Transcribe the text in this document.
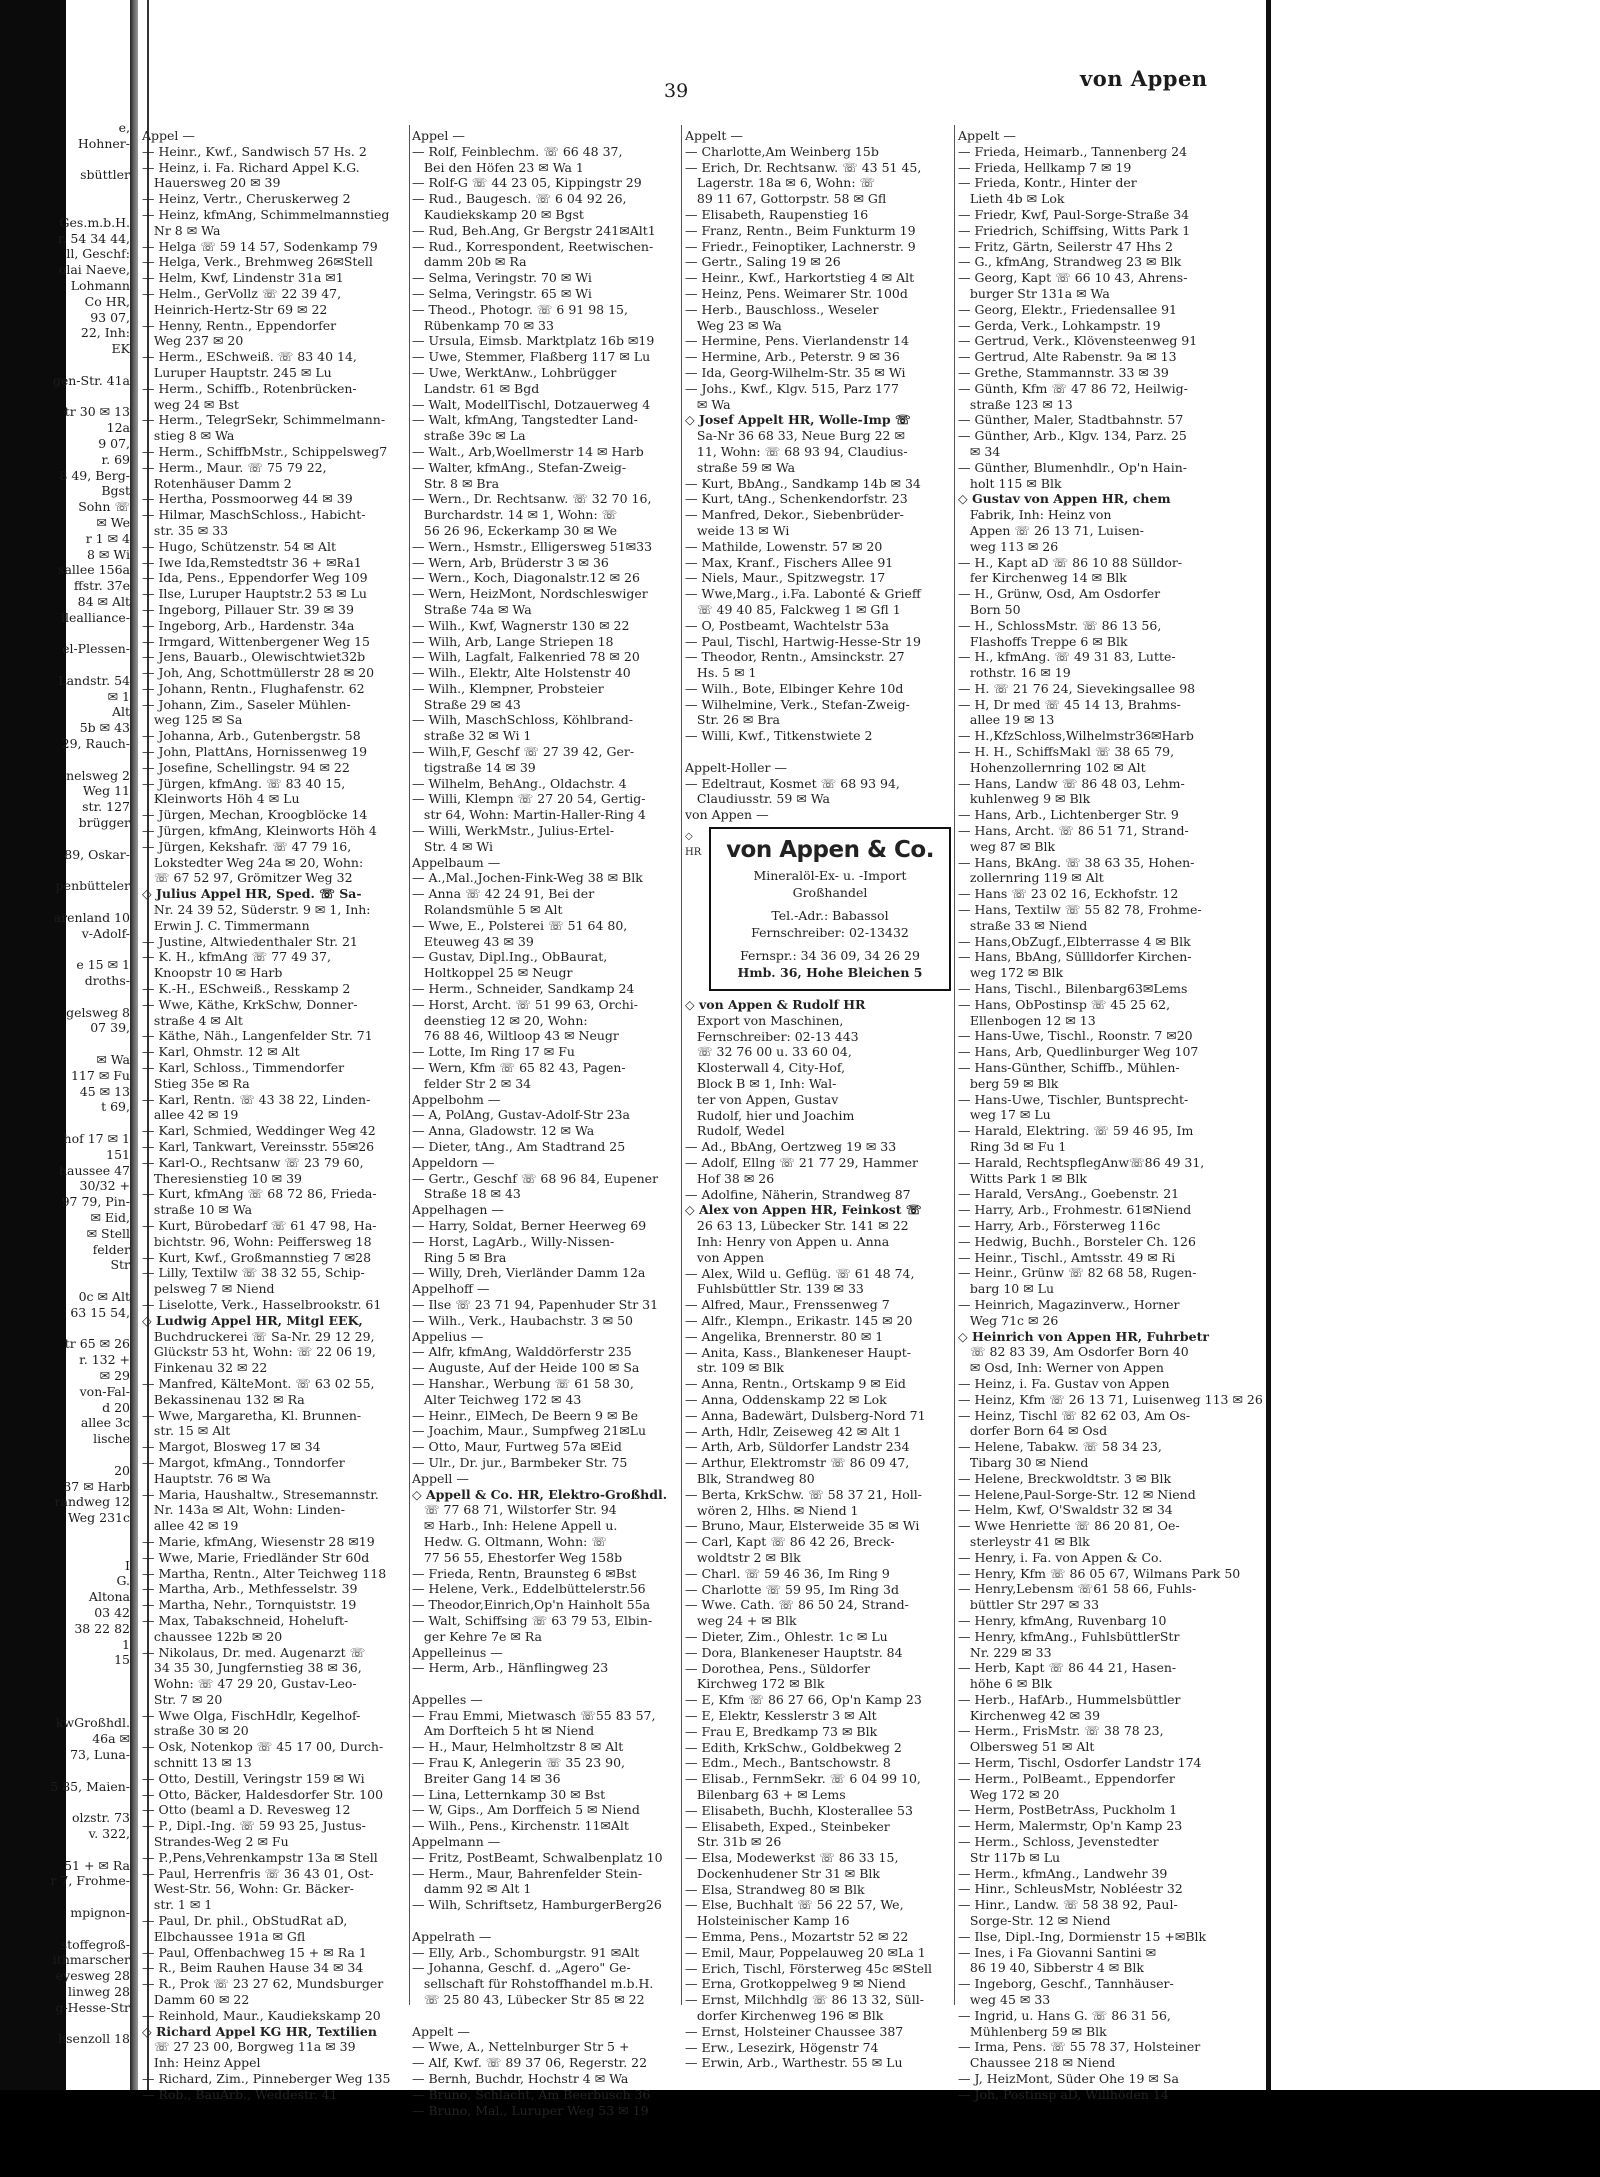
e,
Hohner-

sbüttler

Ges.m.b.H.
r. 54 34 44,
ll, Geschf:
olai Naeve,
Lohmann
Co HR,
93 07,
22, Inh:
EK

gen-Str. 41a

tr 30 ✉ 13
12a
9 07,
r. 69
8 49, Berg-
Bgst
Sohn ☏
✉ We
r 1 ✉ 4
8 ✉ Wi
sallee 156a
ffstr. 37e
84 ✉ Alt
llealliance-

el-Plessen-

Landstr. 54
✉ 1
Alt
5b ✉ 43
29, Rauch-

nelsweg 2
Weg 11
str. 127
brügger

89, Oskar-

penbütteler

arenland 10
v-Adolf-

e 15 ✉ 1
droths-

gelsweg 8
07 39,

✉ Wa
117 ✉ Fu
45 ✉ 13
t 69,

hof 17 ✉ 1
151
haussee 47
30/32 +
97 79, Pin-
✉ Eid,
✉ Stell
felder
Str

0c ✉ Alt
63 15 54,

tr 65 ✉ 26
r. 132 +
✉ 29
von-Fal-
d 20
allee 3c
lische

20
37 ✉ Harb
randweg 12
Weg 231c

I
G.
Altona
03 42
38 22 82
1
15

kwGroßhdl.
46a ✉
73, Luna-

5 85, Maien-

olzstr. 73
v. 322,

51 + ✉ Ra
r 7, Frohme-

mpignon-

stoffegroß-
ithmarscher
eyesweg 28
linweg 28
g-Hesse-Str

hsenzoll 18
39	von Appen
Appel —
— Heinr., Kwf., Sandwisch 57 Hs. 2
— Heinz, i. Fa. Richard Appel K.G.
Hauersweg 20 ✉ 39
— Heinz, Vertr., Cheruskerweg 2
— Heinz, kfmAng, Schimmelmannstieg
Nr 8 ✉ Wa
— Helga ☏ 59 14 57, Sodenkamp 79
— Helga, Verk., Brehmweg 26✉Stell
— Helm, Kwf, Lindenstr 31a ✉1
— Helm., GerVollz ☏ 22 39 47,
Heinrich-Hertz-Str 69 ✉ 22
— Henny, Rentn., Eppendorfer
Weg 237 ✉ 20
— Herm., ESchweiß. ☏ 83 40 14,
Luruper Hauptstr. 245 ✉ Lu
— Herm., Schiffb., Rotenbrücken-
weg 24 ✉ Bst
— Herm., TelegrSekr, Schimmelmann-
stieg 8 ✉ Wa
— Herm., SchiffbMstr., Schippelsweg7
— Herm., Maur. ☏ 75 79 22,
Rotenhäuser Damm 2
— Hertha, Possmoorweg 44 ✉ 39
— Hilmar, MaschSchloss., Habicht-
str. 35 ✉ 33
— Hugo, Schützenstr. 54 ✉ Alt
— Iwe Ida,Remstedtstr 36 + ✉Ra1
— Ida, Pens., Eppendorfer Weg 109
— Ilse, Luruper Hauptstr.2 53 ✉ Lu
— Ingeborg, Pillauer Str. 39 ✉ 39
— Ingeborg, Arb., Hardenstr. 34a
— Irmgard, Wittenbergener Weg 15
— Jens, Bauarb., Olewischtwiet32b
— Joh, Ang, Schottmüllerstr 28 ✉ 20
— Johann, Rentn., Flughafenstr. 62
— Johann, Zim., Saseler Mühlen-
weg 125 ✉ Sa
— Johanna, Arb., Gutenbergstr. 58
— John, PlattAns, Hornissenweg 19
— Josefine, Schellingstr. 94 ✉ 22
— Jürgen, kfmAng. ☏ 83 40 15,
Kleinworts Höh 4 ✉ Lu
— Jürgen, Mechan, Kroogblöcke 14
— Jürgen, kfmAng, Kleinworts Höh 4
— Jürgen, Kekshafr. ☏ 47 79 16,
Lokstedter Weg 24a ✉ 20, Wohn:
☏ 67 52 97, Grömitzer Weg 32
◇ Julius Appel HR, Sped. ☏ Sa-
Nr. 24 39 52, Süderstr. 9 ✉ 1, Inh:
Erwin J. C. Timmermann
— Justine, Altwiedenthaler Str. 21
— K. H., kfmAng ☏ 77 49 37,
Knoopstr 10 ✉ Harb
— K.-H., ESchweiß., Resskamp 2
— Wwe, Käthe, KrkSchw, Donner-
straße 4 ✉ Alt
— Käthe, Näh., Langenfelder Str. 71
— Karl, Ohmstr. 12 ✉ Alt
— Karl, Schloss., Timmendorfer
Stieg 35e ✉ Ra
— Karl, Rentn. ☏ 43 38 22, Linden-
allee 42 ✉ 19
— Karl, Schmied, Weddinger Weg 42
— Karl, Tankwart, Vereinsstr. 55✉26
— Karl-O., Rechtsanw ☏ 23 79 60,
Theresienstieg 10 ✉ 39
— Kurt, kfmAng ☏ 68 72 86, Frieda-
straße 10 ✉ Wa
— Kurt, Bürobedarf ☏ 61 47 98, Ha-
bichtstr. 96, Wohn: Peiffersweg 18
— Kurt, Kwf., Großmannstieg 7 ✉28
— Lilly, Textilw ☏ 38 32 55, Schip-
pelsweg 7 ✉ Niend
— Liselotte, Verk., Hasselbrookstr. 61
◇ Ludwig Appel HR, Mitgl EEK,
Buchdruckerei ☏ Sa-Nr. 29 12 29,
Glückstr 53 ht, Wohn: ☏ 22 06 19,
Finkenau 32 ✉ 22
— Manfred, KälteMont. ☏ 63 02 55,
Bekassinenau 132 ✉ Ra
— Wwe, Margaretha, Kl. Brunnen-
str. 15 ✉ Alt
— Margot, Blosweg 17 ✉ 34
— Margot, kfmAng., Tonndorfer
Hauptstr. 76 ✉ Wa
— Maria, Haushaltw., Stresemannstr.
Nr. 143a ✉ Alt, Wohn: Linden-
allee 42 ✉ 19
— Marie, kfmAng, Wiesenstr 28 ✉19
— Wwe, Marie, Friedländer Str 60d
— Martha, Rentn., Alter Teichweg 118
— Martha, Arb., Methfesselstr. 39
— Martha, Nehr., Tornquiststr. 19
— Max, Tabakschneid, Hoheluft-
chaussee 122b ✉ 20
— Nikolaus, Dr. med. Augenarzt ☏
34 35 30, Jungfernstieg 38 ✉ 36,
Wohn: ☏ 47 29 20, Gustav-Leo-
Str. 7 ✉ 20
— Wwe Olga, FischHdlr, Kegelhof-
straße 30 ✉ 20
— Osk, Notenkop ☏ 45 17 00, Durch-
schnitt 13 ✉ 13
— Otto, Destill, Veringstr 159 ✉ Wi
— Otto, Bäcker, Haldesdorfer Str. 100
— Otto (beaml a D. Revesweg 12
— P., Dipl.-Ing. ☏ 59 93 25, Justus-
Strandes-Weg 2 ✉ Fu
— P.,Pens,Vehrenkampstr 13a ✉ Stell
— Paul, Herrenfris ☏ 36 43 01, Ost-
West-Str. 56, Wohn: Gr. Bäcker-
str. 1 ✉ 1
— Paul, Dr. phil., ObStudRat aD,
Elbchaussee 191a ✉ Gfl
— Paul, Offenbachweg 15 + ✉ Ra 1
— R., Beim Rauhen Hause 34 ✉ 34
— R., Prok ☏ 23 27 62, Mundsburger
Damm 60 ✉ 22
— Reinhold, Maur., Kaudiekskamp 20
◇ Richard Appel KG HR, Textilien
☏ 27 23 00, Borgweg 11a ✉ 39
Inh: Heinz Appel
— Richard, Zim., Pinneberger Weg 135
— Rob., BauArb., Weddestr. 41
Appel —
— Rolf, Feinblechm. ☏ 66 48 37,
Bei den Höfen 23 ✉ Wa 1
— Rolf-G ☏ 44 23 05, Kippingstr 29
— Rud., Baugesch. ☏ 6 04 92 26,
Kaudiekskamp 20 ✉ Bgst
— Rud, Beh.Ang, Gr Bergstr 241✉Alt1
— Rud., Korrespondent, Reetwischen-
damm 20b ✉ Ra
— Selma, Veringstr. 70 ✉ Wi
— Selma, Veringstr. 65 ✉ Wi
— Theod., Photogr. ☏ 6 91 98 15,
Rübenkamp 70 ✉ 33
— Ursula, Eimsb. Marktplatz 16b ✉19
— Uwe, Stemmer, Flaßberg 117 ✉ Lu
— Uwe, WerktAnw., Lohbrügger
Landstr. 61 ✉ Bgd
— Walt, ModellTischl, Dotzauerweg 4
— Walt, kfmAng, Tangstedter Land-
straße 39c ✉ La
— Walt., Arb,Woellmerstr 14 ✉ Harb
— Walter, kfmAng., Stefan-Zweig-
Str. 8 ✉ Bra
— Wern., Dr. Rechtsanw. ☏ 32 70 16,
Burchardstr. 14 ✉ 1, Wohn: ☏
56 26 96, Eckerkamp 30 ✉ We
— Wern., Hsmstr., Elligersweg 51✉33
— Wern, Arb, Brüderstr 3 ✉ 36
— Wern., Koch, Diagonalstr.12 ✉ 26
— Wern, HeizMont, Nordschleswiger
Straße 74a ✉ Wa
— Wilh., Kwf, Wagnerstr 130 ✉ 22
— Wilh, Arb, Lange Striepen 18
— Wilh, Lagfalt, Falkenried 78 ✉ 20
— Wilh., Elektr, Alte Holstenstr 40
— Wilh., Klempner, Probsteier
Straße 29 ✉ 43
— Wilh, MaschSchloss, Köhlbrand-
straße 32 ✉ Wi 1
— Wilh,F, Geschf ☏ 27 39 42, Ger-
tigstraße 14 ✉ 39
— Wilhelm, BehAng., Oldachstr. 4
— Willi, Klempn ☏ 27 20 54, Gertig-
str 64, Wohn: Martin-Haller-Ring 4
— Willi, WerkMstr., Julius-Ertel-
Str. 4 ✉ Wi
Appelbaum —
— A.,Mal.,Jochen-Fink-Weg 38 ✉ Blk
— Anna ☏ 42 24 91, Bei der
Rolandsmühle 5 ✉ Alt
— Wwe, E., Polsterei ☏ 51 64 80,
Eteuweg 43 ✉ 39
— Gustav, Dipl.Ing., ObBaurat,
Holtkoppel 25 ✉ Neugr
— Herm., Schneider, Sandkamp 24
— Horst, Archt. ☏ 51 99 63, Orchi-
deenstieg 12 ✉ 20, Wohn:
76 88 46, Wiltloop 43 ✉ Neugr
— Lotte, Im Ring 17 ✉ Fu
— Wern, Kfm ☏ 65 82 43, Pagen-
felder Str 2 ✉ 34
Appelbohm —
— A, PolAng, Gustav-Adolf-Str 23a
— Anna, Gladowstr. 12 ✉ Wa
— Dieter, tAng., Am Stadtrand 25
Appeldorn —
— Gertr., Geschf ☏ 68 96 84, Eupener
Straße 18 ✉ 43
Appelhagen —
— Harry, Soldat, Berner Heerweg 69
— Horst, LagArb., Willy-Nissen-
Ring 5 ✉ Bra
— Willy, Dreh, Vierländer Damm 12a
Appelhoff —
— Ilse ☏ 23 71 94, Papenhuder Str 31
— Wilh., Verk., Haubachstr. 3 ✉ 50
Appelius —
— Alfr, kfmAng, Walddörferstr 235
— Auguste, Auf der Heide 100 ✉ Sa
— Hanshar., Werbung ☏ 61 58 30,
Alter Teichweg 172 ✉ 43
— Heinr., ElMech, De Beern 9 ✉ Be
— Joachim, Maur., Sumpfweg 21✉Lu
— Otto, Maur, Furtweg 57a ✉Eid
— Ulr., Dr. jur., Barmbeker Str. 75
Appell —
◇ Appell & Co. HR, Elektro-Großhdl.
☏ 77 68 71, Wilstorfer Str. 94
✉ Harb., Inh: Helene Appell u.
Hedw. G. Oltmann, Wohn: ☏
77 56 55, Ehestorfer Weg 158b
— Frieda, Rentn, Braunsteg 6 ✉Bst
— Helene, Verk., Eddelbüttelerstr.56
— Theodor,Einrich,Op'n Hainholt 55a
— Walt, Schiffsing ☏ 63 79 53, Elbin-
ger Kehre 7e ✉ Ra
Appelleinus —
— Herm, Arb., Hänflingweg 23

Appelles —
— Frau Emmi, Mietwasch ☏55 83 57,
Am Dorfteich 5 ht ✉ Niend
— H., Maur, Helmholtzstr 8 ✉ Alt
— Frau K, Anlegerin ☏ 35 23 90,
Breiter Gang 14 ✉ 36
— Lina, Letternkamp 30 ✉ Bst
— W, Gips., Am Dorffeich 5 ✉ Niend
— Wilh., Pens., Kirchenstr. 11✉Alt
Appelmann —
— Fritz, PostBeamt, Schwalbenplatz 10
— Herm., Maur, Bahrenfelder Stein-
damm 92 ✉ Alt 1
— Wilh, Schriftsetz, HamburgerBerg26

Appelrath —
— Elly, Arb., Schomburgstr. 91 ✉Alt
— Johanna, Geschf. d. „Agero" Ge-
sellschaft für Rohstoffhandel m.b.H.
☏ 25 80 43, Lübecker Str 85 ✉ 22

Appelt —
— Wwe, A., Nettelnburger Str 5 +
— Alf, Kwf. ☏ 89 37 06, Regerstr. 22
— Bernh, Buchdr, Hochstr 4 ✉ Wa
— Bruno, Schlacht, Am Beerbusch 36
— Bruno, Mal., Luruper Weg 53 ✉ 19
Appelt —
— Charlotte,Am Weinberg 15b
— Erich, Dr. Rechtsanw. ☏ 43 51 45,
Lagerstr. 18a ✉ 6, Wohn: ☏
89 11 67, Gottorpstr. 58 ✉ Gfl
— Elisabeth, Raupenstieg 16
— Franz, Rentn., Beim Funkturm 19
— Friedr., Feinoptiker, Lachnerstr. 9
— Gertr., Saling 19 ✉ 26
— Heinr., Kwf., Harkortstieg 4 ✉ Alt
— Heinz, Pens. Weimarer Str. 100d
— Herb., Bauschloss., Weseler
Weg 23 ✉ Wa
— Hermine, Pens. Vierlandenstr 14
— Hermine, Arb., Peterstr. 9 ✉ 36
— Ida, Georg-Wilhelm-Str. 35 ✉ Wi
— Johs., Kwf., Klgv. 515, Parz 177
✉ Wa
◇ Josef Appelt HR, Wolle-Imp ☏
Sa-Nr 36 68 33, Neue Burg 22 ✉
11, Wohn: ☏ 68 93 94, Claudius-
straße 59 ✉ Wa
— Kurt, BbAng., Sandkamp 14b ✉ 34
— Kurt, tAng., Schenkendorfstr. 23
— Manfred, Dekor., Siebenbrüder-
weide 13 ✉ Wi
— Mathilde, Lowenstr. 57 ✉ 20
— Max, Kranf., Fischers Allee 91
— Niels, Maur., Spitzwegstr. 17
— Wwe,Marg., i.Fa. Labonté & Grieff
☏ 49 40 85, Falckweg 1 ✉ Gfl 1
— O, Postbeamt, Wachtelstr 53a
— Paul, Tischl, Hartwig-Hesse-Str 19
— Theodor, Rentn., Amsinckstr. 27
Hs. 5 ✉ 1
— Wilh., Bote, Elbinger Kehre 10d
— Wilhelmine, Verk., Stefan-Zweig-
Str. 26 ✉ Bra
— Willi, Kwf., Titkenstwiete 2

Appelt-Holler —
— Edeltraut, Kosmet ☏ 68 93 94,
Claudiusstr. 59 ✉ Wa
von Appen —
◇ HR	von Appen & Co.
Mineralöl-Ex- u. -Import
Großhandel
Tel.-Adr.: Babassol
Fernschreiber: 02-13432
Fernspr.: 34 36 09, 34 26 29
Hmb. 36, Hohe Bleichen 5
◇ von Appen & Rudolf HR
Export von Maschinen,
Fernschreiber: 02-13 443
☏ 32 76 00 u. 33 60 04,
Klosterwall 4, City-Hof,
Block B ✉ 1, Inh: Wal-
ter von Appen, Gustav
Rudolf, hier und Joachim
Rudolf, Wedel
— Ad., BbAng, Oertzweg 19 ✉ 33
— Adolf, Ellng ☏ 21 77 29, Hammer
Hof 38 ✉ 26
— Adolfine, Näherin, Strandweg 87
◇ Alex von Appen HR, Feinkost ☏
26 63 13, Lübecker Str. 141 ✉ 22
Inh: Henry von Appen u. Anna
von Appen
— Alex, Wild u. Geflüg. ☏ 61 48 74,
Fuhlsbüttler Str. 139 ✉ 33
— Alfred, Maur., Frenssenweg 7
— Alfr., Klempn., Erikastr. 145 ✉ 20
— Angelika, Brennerstr. 80 ✉ 1
— Anita, Kass., Blankeneser Haupt-
str. 109 ✉ Blk
— Anna, Rentn., Ortskamp 9 ✉ Eid
— Anna, Oddenskamp 22 ✉ Lok
— Anna, Badewärt, Dulsberg-Nord 71
— Arth, Hdlr, Zeiseweg 42 ✉ Alt 1
— Arth, Arb, Süldorfer Landstr 234
— Arthur, Elektromstr ☏ 86 09 47,
Blk, Strandweg 80
— Berta, KrkSchw. ☏ 58 37 21, Holl-
wören 2, Hlhs. ✉ Niend 1
— Bruno, Maur, Elsterweide 35 ✉ Wi
— Carl, Kapt ☏ 86 42 26, Breck-
woldtstr 2 ✉ Blk
— Charl. ☏ 59 46 36, Im Ring 9
— Charlotte ☏ 59 95, Im Ring 3d
— Wwe. Cath. ☏ 86 50 24, Strand-
weg 24 + ✉ Blk
— Dieter, Zim., Ohlestr. 1c ✉ Lu
— Dora, Blankeneser Hauptstr. 84
— Dorothea, Pens., Süldorfer
Kirchweg 172 ✉ Blk
— E, Kfm ☏ 86 27 66, Op'n Kamp 23
— E, Elektr, Kesslerstr 3 ✉ Alt
— Frau E, Bredkamp 73 ✉ Blk
— Edith, KrkSchw., Goldbekweg 2
— Edm., Mech., Bantschowstr. 8
— Elisab., FernmSekr. ☏ 6 04 99 10,
Bilenbarg 63 + ✉ Lems
— Elisabeth, Buchh, Klosterallee 53
— Elisabeth, Exped., Steinbeker
Str. 31b ✉ 26
— Elsa, Modewerkst ☏ 86 33 15,
Dockenhudener Str 31 ✉ Blk
— Elsa, Strandweg 80 ✉ Blk
— Else, Buchhalt ☏ 56 22 57, We,
Holsteinischer Kamp 16
— Emma, Pens., Mozartstr 52 ✉ 22
— Emil, Maur, Poppelauweg 20 ✉La 1
— Erich, Tischl, Försterweg 45c ✉Stell
— Erna, Grotkoppelweg 9 ✉ Niend
— Ernst, Milchhdlg ☏ 86 13 32, Süll-
dorfer Kirchenweg 196 ✉ Blk
— Ernst, Holsteiner Chaussee 387
— Erw., Lesezirk, Högenstr 74
— Erwin, Arb., Warthestr. 55 ✉ Lu
Appelt —
— Frieda, Heimarb., Tannenberg 24
— Frieda, Hellkamp 7 ✉ 19
— Frieda, Kontr., Hinter der
Lieth 4b ✉ Lok
— Friedr, Kwf, Paul-Sorge-Straße 34
— Friedrich, Schiffsing, Witts Park 1
— Fritz, Gärtn, Seilerstr 47 Hhs 2
— G., kfmAng, Strandweg 23 ✉ Blk
— Georg, Kapt ☏ 66 10 43, Ahrens-
burger Str 131a ✉ Wa
— Georg, Elektr., Friedensallee 91
— Gerda, Verk., Lohkampstr. 19
— Gertrud, Verk., Klövensteenweg 91
— Gertrud, Alte Rabenstr. 9a ✉ 13
— Grethe, Stammannstr. 33 ✉ 39
— Günth, Kfm ☏ 47 86 72, Heilwig-
straße 123 ✉ 13
— Günther, Maler, Stadtbahnstr. 57
— Günther, Arb., Klgv. 134, Parz. 25
✉ 34
— Günther, Blumenhdlr., Op'n Hain-
holt 115 ✉ Blk
◇ Gustav von Appen HR, chem
Fabrik, Inh: Heinz von
Appen ☏ 26 13 71, Luisen-
weg 113 ✉ 26
— H., Kapt aD ☏ 86 10 88 Sülldor-
fer Kirchenweg 14 ✉ Blk
— H., Grünw, Osd, Am Osdorfer
Born 50
— H., SchlossMstr. ☏ 86 13 56,
Flashoffs Treppe 6 ✉ Blk
— H., kfmAng. ☏ 49 31 83, Lutte-
rothstr. 16 ✉ 19
— H. ☏ 21 76 24, Sievekingsallee 98
— H, Dr med ☏ 45 14 13, Brahms-
allee 19 ✉ 13
— H.,KfzSchloss,Wilhelmstr36✉Harb
— H. H., SchiffsMakl ☏ 38 65 79,
Hohenzollernring 102 ✉ Alt
— Hans, Landw ☏ 86 48 03, Lehm-
kuhlenweg 9 ✉ Blk
— Hans, Arb., Lichtenberger Str. 9
— Hans, Archt. ☏ 86 51 71, Strand-
weg 87 ✉ Blk
— Hans, BkAng. ☏ 38 63 35, Hohen-
zollernring 119 ✉ Alt
— Hans ☏ 23 02 16, Eckhofstr. 12
— Hans, Textilw ☏ 55 82 78, Frohme-
straße 33 ✉ Niend
— Hans,ObZugf.,Elbterrasse 4 ✉ Blk
— Hans, BbAng, Süllldorfer Kirchen-
weg 172 ✉ Blk
— Hans, Tischl., Bilenbarg63✉Lems
— Hans, ObPostinsp ☏ 45 25 62,
Ellenbogen 12 ✉ 13
— Hans-Uwe, Tischl., Roonstr. 7 ✉20
— Hans, Arb, Quedlinburger Weg 107
— Hans-Günther, Schiffb., Mühlen-
berg 59 ✉ Blk
— Hans-Uwe, Tischler, Buntsprecht-
weg 17 ✉ Lu
— Harald, Elektring. ☏ 59 46 95, Im
Ring 3d ✉ Fu 1
— Harald, RechtspflegAnw☏86 49 31,
Witts Park 1 ✉ Blk
— Harald, VersAng., Goebenstr. 21
— Harry, Arb., Frohmestr. 61✉Niend
— Harry, Arb., Försterweg 116c
— Hedwig, Buchh., Borsteler Ch. 126
— Heinr., Tischl., Amtsstr. 49 ✉ Ri
— Heinr., Grünw ☏ 82 68 58, Rugen-
barg 10 ✉ Lu
— Heinrich, Magazinverw., Horner
Weg 71c ✉ 26
◇ Heinrich von Appen HR, Fuhrbetr
☏ 82 83 39, Am Osdorfer Born 40
✉ Osd, Inh: Werner von Appen
— Heinz, i. Fa. Gustav von Appen
— Heinz, Kfm ☏ 26 13 71, Luisenweg 113 ✉ 26
— Heinz, Tischl ☏ 82 62 03, Am Os-
dorfer Born 64 ✉ Osd
— Helene, Tabakw. ☏ 58 34 23,
Tibarg 30 ✉ Niend
— Helene, Breckwoldtstr. 3 ✉ Blk
— Helene,Paul-Sorge-Str. 12 ✉ Niend
— Helm, Kwf, O'Swaldstr 32 ✉ 34
— Wwe Henriette ☏ 86 20 81, Oe-
sterleystr 41 ✉ Blk
— Henry, i. Fa. von Appen & Co.
— Henry, Kfm ☏ 86 05 67, Wilmans Park 50
— Henry,Lebensm ☏61 58 66, Fuhls-
büttler Str 297 ✉ 33
— Henry, kfmAng, Ruvenbarg 10
— Henry, kfmAng., FuhlsbüttlerStr
Nr. 229 ✉ 33
— Herb, Kapt ☏ 86 44 21, Hasen-
höhe 6 ✉ Blk
— Herb., HafArb., Hummelsbüttler
Kirchenweg 42 ✉ 39
— Herm., FrisMstr. ☏ 38 78 23,
Olbersweg 51 ✉ Alt
— Herm, Tischl, Osdorfer Landstr 174
— Herm., PolBeamt., Eppendorfer
Weg 172 ✉ 20
— Herm, PostBetrAss, Puckholm 1
— Herm, Malermstr, Op'n Kamp 23
— Herm., Schloss, Jevenstedter
Str 117b ✉ Lu
— Herm., kfmAng., Landwehr 39
— Hinr., SchleusMstr, Nobléestr 32
— Hinr., Landw. ☏ 58 38 92, Paul-
Sorge-Str. 12 ✉ Niend
— Ilse, Dipl.-Ing, Dormienstr 15 +✉Blk
— Ines, i Fa Giovanni Santini ✉
86 19 40, Sibberstr 4 ✉ Blk
— Ingeborg, Geschf., Tannhäuser-
weg 45 ✉ 33
— Ingrid, u. Hans G. ☏ 86 31 56,
Mühlenberg 59 ✉ Blk
— Irma, Pens. ☏ 55 78 37, Holsteiner
Chaussee 218 ✉ Niend
— J, HeizMont, Süder Ohe 19 ✉ Sa
— Joh, Postinsp aD, Willhöden 14
